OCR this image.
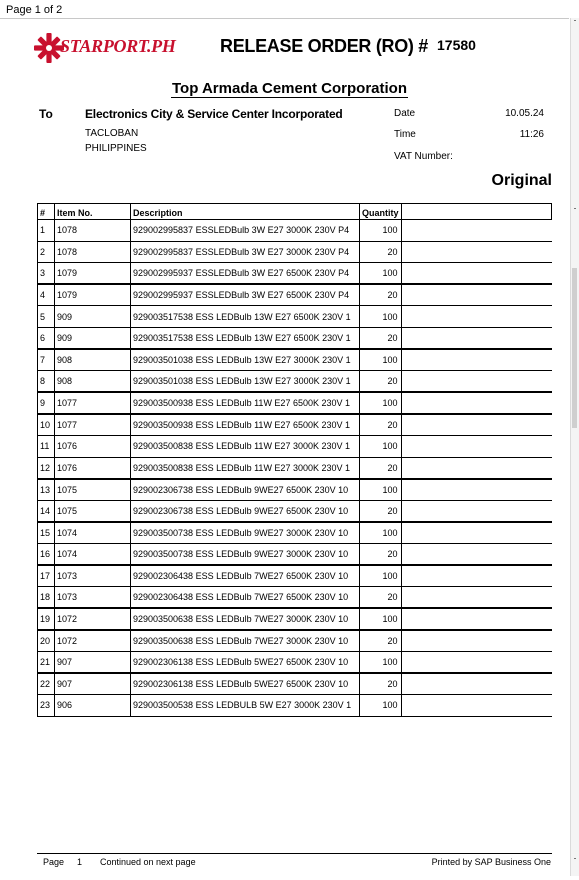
Page 1 of 2
STARPORT.PH RELEASE ORDER (RO) # 17580
Top Armada Cement Corporation
To	Electronics City & Service Center Incorporated
TACLOBAN
PHILIPPINES
Date	10.05.24
Time	11:26
VAT Number:
Original
#	Item No.	Description	Quantity	
1	1078	929002995837 ESSLEDBulb 3W E27 3000K 230V P4	100	
2	1078	929002995837 ESSLEDBulb 3W E27 3000K 230V P4	20	
3	1079	929002995937 ESSLEDBulb 3W E27 6500K 230V P4	100	
4	1079	929002995937 ESSLEDBulb 3W E27 6500K 230V P4	20	
5	909	929003517538 ESS LEDBulb 13W E27 6500K 230V 1	100	
6	909	929003517538 ESS LEDBulb 13W E27 6500K 230V 1	20	
7	908	929003501038 ESS LEDBulb 13W E27 3000K 230V 1	100	
8	908	929003501038 ESS LEDBulb 13W E27 3000K 230V 1	20	
9	1077	929003500938 ESS LEDBulb 11W E27 6500K 230V 1	100	
10	1077	929003500938 ESS LEDBulb 11W E27 6500K 230V 1	20	
11	1076	929003500838 ESS LEDBulb 11W E27 3000K 230V 1	100	
12	1076	929003500838 ESS LEDBulb 11W E27 3000K 230V 1	20	
13	1075	929002306738 ESS LEDBulb 9WE27 6500K 230V 10	100	
14	1075	929002306738 ESS LEDBulb 9WE27 6500K 230V 10	20	
15	1074	929003500738 ESS LEDBulb 9WE27 3000K 230V 10	100	
16	1074	929003500738 ESS LEDBulb 9WE27 3000K 230V 10	20	
17	1073	929002306438 ESS LEDBulb 7WE27 6500K 230V 10	100	
18	1073	929002306438 ESS LEDBulb 7WE27 6500K 230V 10	20	
19	1072	929003500638 ESS LEDBulb 7WE27 3000K 230V 10	100	
20	1072	929003500638 ESS LEDBulb 7WE27 3000K 230V 10	20	
21	907	929002306138 ESS LEDBulb 5WE27 6500K 230V 10	100	
22	907	929002306138 ESS LEDBulb 5WE27 6500K 230V 10	20	
23	906	929003500538 ESS LEDBULB 5W E27 3000K 230V 1	100	
Page 1 Continued on next page	Printed by SAP Business One
